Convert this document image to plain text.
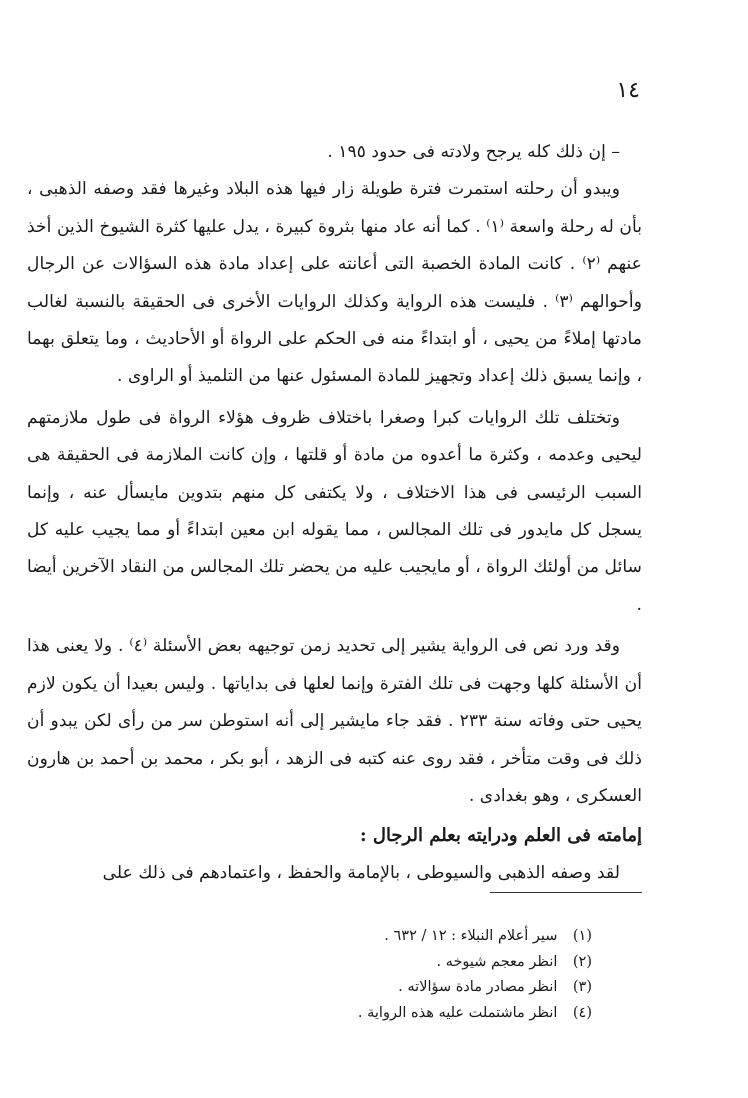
١٤

– إن ذلك كله يرجح ولادته فى حدود ١٩٥ .

ويبدو أن رحلته استمرت فترة طويلة زار فيها هذه البلاد وغيرها فقد وصفه الذهبى ، بأن له رحلة واسعة ⁽١⁾ . كما أنه عاد منها بثروة كبيرة ، يدل عليها كثرة الشيوخ الذين أخذ عنهم ⁽٢⁾ . كانت المادة الخصبة التى أعانته على إعداد مادة هذه السؤالات عن الرجال وأحوالهم ⁽٣⁾ . فليست هذه الرواية وكذلك الروايات الأخرى فى الحقيقة بالنسبة لغالب مادتها إملاءً من يحيى ، أو ابتداءً منه فى الحكم على الرواة أو الأحاديث ، وما يتعلق بهما ، وإنما يسبق ذلك إعداد وتجهيز للمادة المسئول عنها من التلميذ أو الراوى .

وتختلف تلك الروايات كبرا وصغرا باختلاف ظروف هؤلاء الرواة فى طول ملازمتهم ليحيى وعدمه ، وكثرة ما أعدوه من مادة أو قلتها ، وإن كانت الملازمة فى الحقيقة هى السبب الرئيسى فى هذا الاختلاف ، ولا يكتفى كل منهم بتدوين مايسأل عنه ، وإنما يسجل كل مايدور فى تلك المجالس ، مما يقوله ابن معين ابتداءً أو مما يجيب عليه كل سائل من أولئك الرواة ، أو مايجيب عليه من يحضر تلك المجالس من النقاد الآخرين أيضا .

وقد ورد نص فى الرواية يشير إلى تحديد زمن توجيهه بعض الأسئلة ⁽٤⁾ . ولا يعنى هذا أن الأسئلة كلها وجهت فى تلك الفترة وإنما لعلها فى بداياتها . وليس بعيدا أن يكون لازم يحيى حتى وفاته سنة ٢٣٣ . فقد جاء مايشير إلى أنه استوطن سر من رأى لكن يبدو أن ذلك فى وقت متأخر ، فقد روى عنه كتبه فى الزهد ، أبو بكر ، محمد بن أحمد بن هارون العسكرى ، وهو بغدادى .

إمامته فى العلم ودرايته بعلم الرجال :

لقد وصفه الذهبى والسيوطى ، بالإمامة والحفظ ، واعتمادهم فى ذلك على

(١) سير أعلام النبلاء : ١٢ / ٦٣٢ .
(٢) انظر معجم شيوخه .
(٣) انظر مصادر مادة سؤالاته .
(٤) انظر ماشتملت عليه هذه الرواية .
